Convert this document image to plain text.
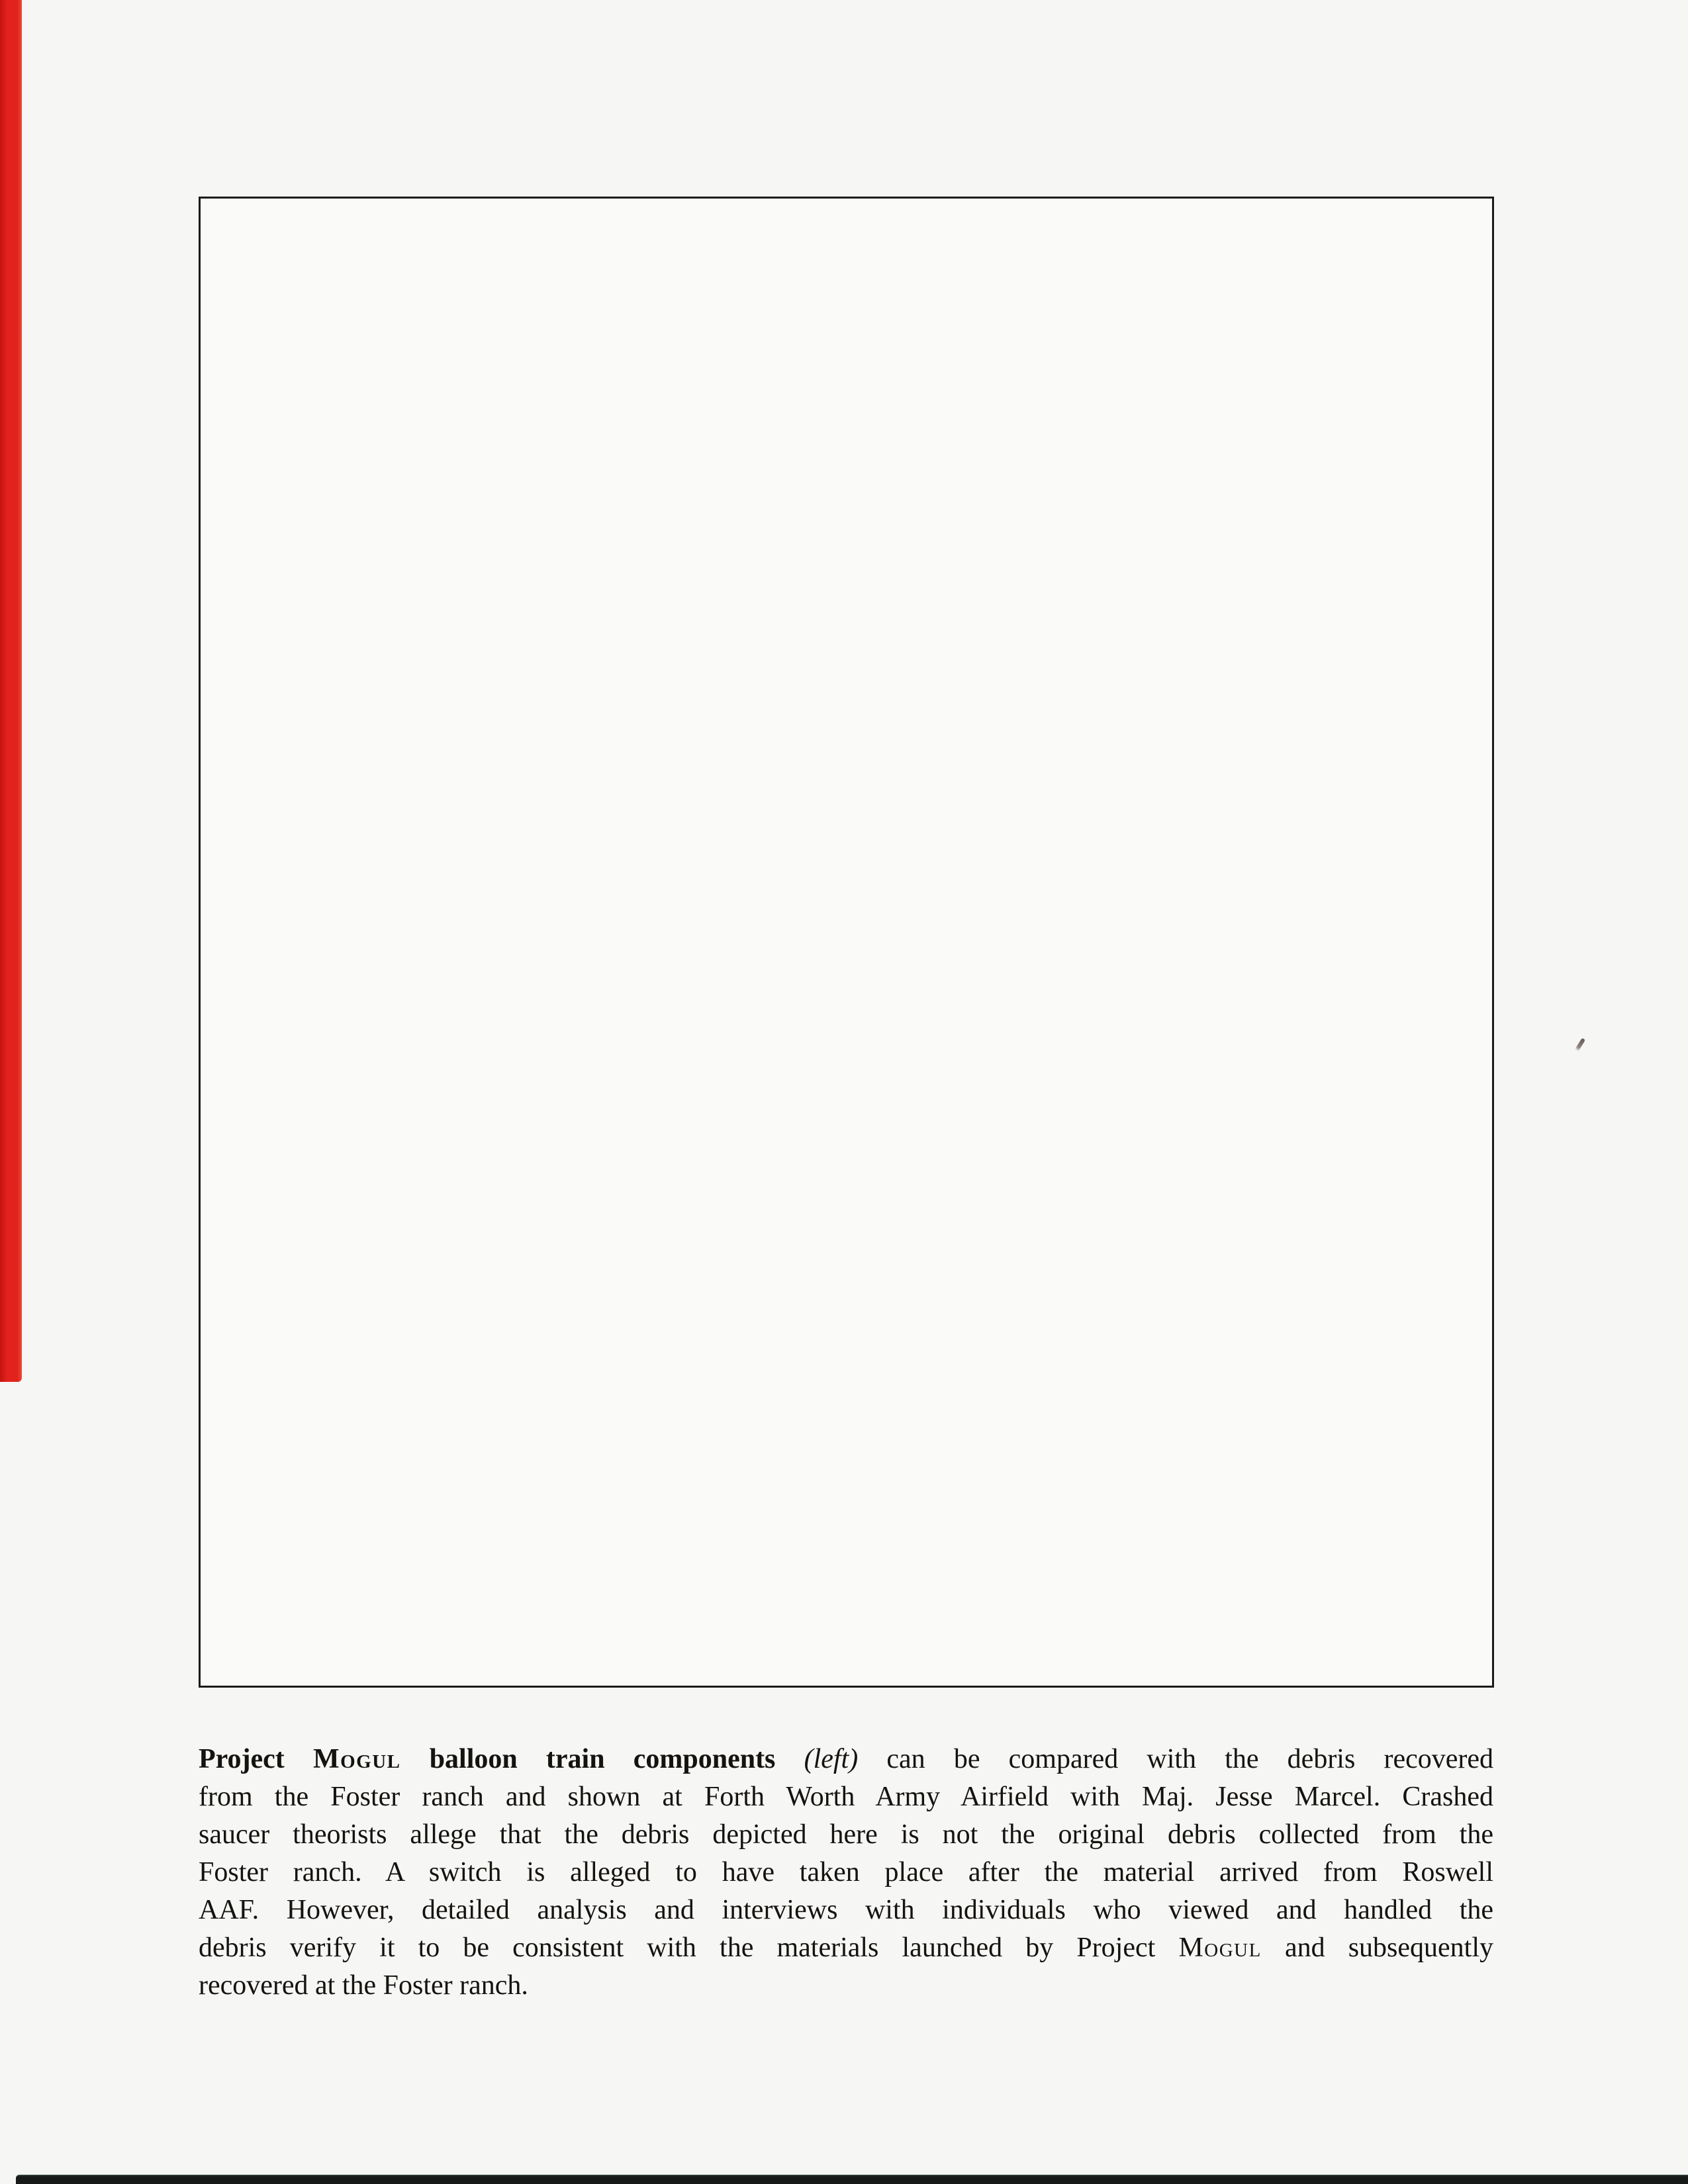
Project Mogul balloon train components (left) can be compared with the debris recovered
from the Foster ranch and shown at Forth Worth Army Airfield with Maj. Jesse Marcel. Crashed
saucer theorists allege that the debris depicted here is not the original debris collected from the
Foster ranch. A switch is alleged to have taken place after the material arrived from Roswell
AAF. However, detailed analysis and interviews with individuals who viewed and handled the
debris verify it to be consistent with the materials launched by Project Mogul and subsequently
recovered at the Foster ranch.
